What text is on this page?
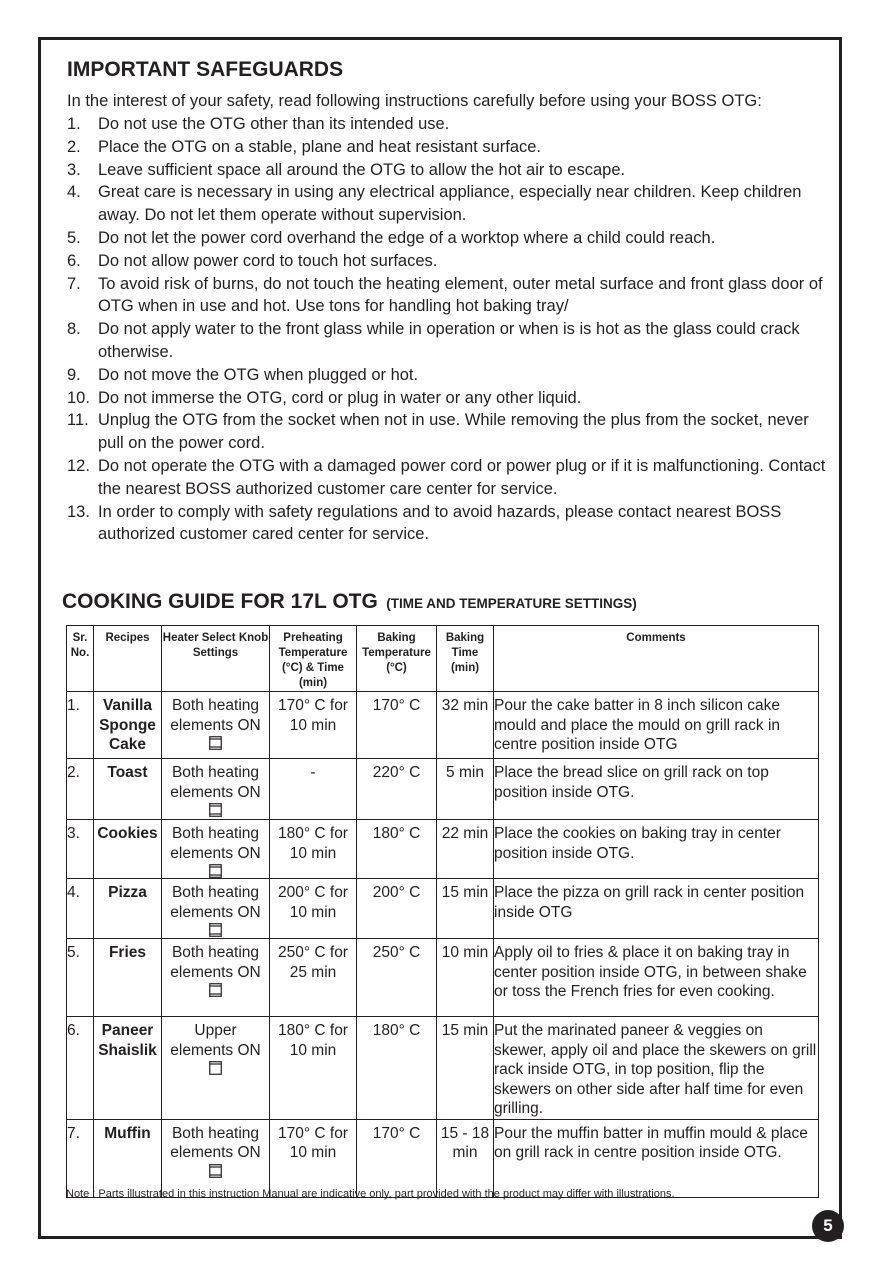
IMPORTANT SAFEGUARDS

In the interest of your safety, read following instructions carefully before using your BOSS OTG:

1. Do not use the OTG other than its intended use.
2. Place the OTG on a stable, plane and heat resistant surface.
3. Leave sufficient space all around the OTG to allow the hot air to escape.
4. Great care is necessary in using any electrical appliance, especially near children. Keep children away. Do not let them operate without supervision.
5. Do not let the power cord overhand the edge of a worktop where a child could reach.
6. Do not allow power cord to touch hot surfaces.
7. To avoid risk of burns, do not touch the heating element, outer metal surface and front glass door of OTG when in use and hot. Use tons for handling hot baking tray/
8. Do not apply water to the front glass while in operation or when is is hot as the glass could crack otherwise.
9. Do not move the OTG when plugged or hot.
10. Do not immerse the OTG, cord or plug in water or any other liquid.
11. Unplug the OTG from the socket when not in use. While removing the plus from the socket, never pull on the power cord.
12. Do not operate the OTG with a damaged power cord or power plug or if it is malfunctioning. Contact the nearest BOSS authorized customer care center for service.
13. In order to comply with safety regulations and to avoid hazards, please contact nearest BOSS authorized customer cared center for service.
COOKING GUIDE FOR 17L OTG (TIME AND TEMPERATURE SETTINGS)
Sr. No.	Recipes	Heater Select Knob Settings	Preheating Temperature (°C) & Time (min)	Baking Temperature (°C)	Baking Time (min)	Comments
1.	Vanilla Sponge Cake	Both heating elements ON	170° C for 10 min	170° C	32 min	Pour the cake batter in 8 inch silicon cake mould and place the mould on grill rack in centre position inside OTG
2.	Toast	Both heating elements ON	-	220° C	5 min	Place the bread slice on grill rack on top position inside OTG.
3.	Cookies	Both heating elements ON	180° C for 10 min	180° C	22 min	Place the cookies on baking tray in center position inside OTG.
4.	Pizza	Both heating elements ON	200° C for 10 min	200° C	15 min	Place the pizza on grill rack in center position inside OTG
5.	Fries	Both heating elements ON	250° C for 25 min	250° C	10 min	Apply oil to fries & place it on baking tray in center position inside OTG, in between shake or toss the French fries for even cooking.
6.	Paneer Shaislik	Upper elements ON	180° C for 10 min	180° C	15 min	Put the marinated paneer & veggies on skewer, apply oil and place the skewers on grill rack inside OTG, in top position, flip the skewers on other side after half time for even grilling.
7.	Muffin	Both heating elements ON	170° C for 10 min	170° C	15 - 18 min	Pour the muffin batter in muffin mould & place on grill rack in centre position inside OTG.
Note : Parts illustrated in this instruction Manual are indicative only, part provided with the product may differ with illustrations.
5
